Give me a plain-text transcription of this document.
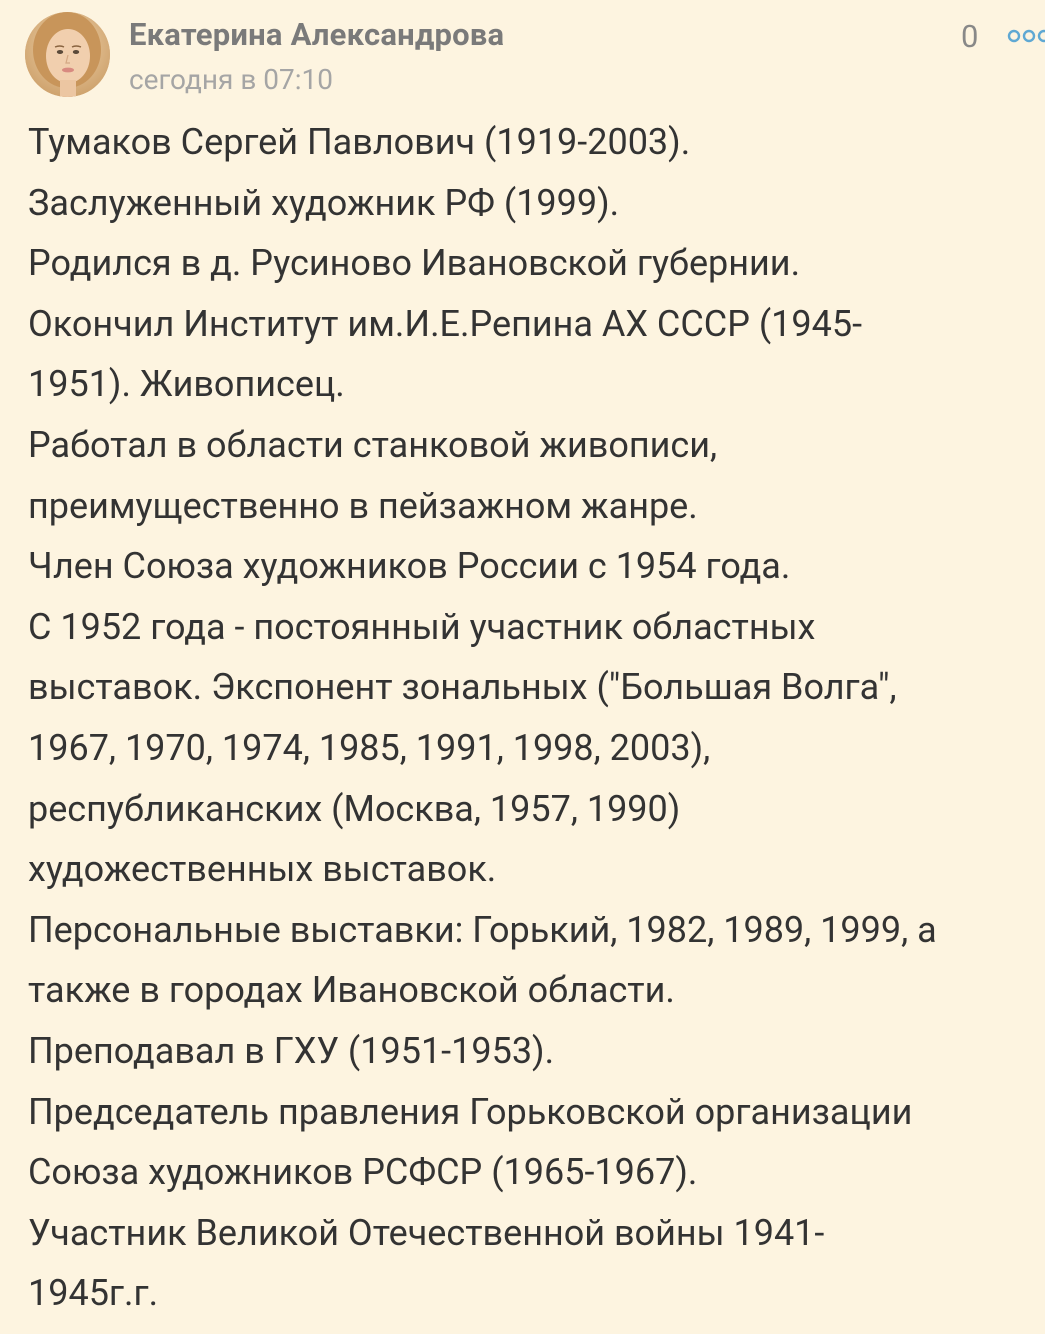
Екатерина Александрова
сегодня в 07:10
0
Тумаков Сергей Павлович (1919-2003).
Заслуженный художник РФ (1999).
Родился в д. Русиново Ивановской губернии.
Окончил Институт им.И.Е.Репина АХ СССР (1945-
1951). Живописец.
Работал в области станковой живописи,
преимущественно в пейзажном жанре.
Член Союза художников России с 1954 года.
С 1952 года - постоянный участник областных
выставок. Экспонент зональных ("Большая Волга",
1967, 1970, 1974, 1985, 1991, 1998, 2003),
республиканских (Москва, 1957, 1990)
художественных выставок.
Персональные выставки: Горький, 1982, 1989, 1999, а
также в городах Ивановской области.
Преподавал в ГХУ (1951-1953).
Председатель правления Горьковской организации
Союза художников РСФСР (1965-1967).
Участник Великой Отечественной войны 1941-
1945г.г.
